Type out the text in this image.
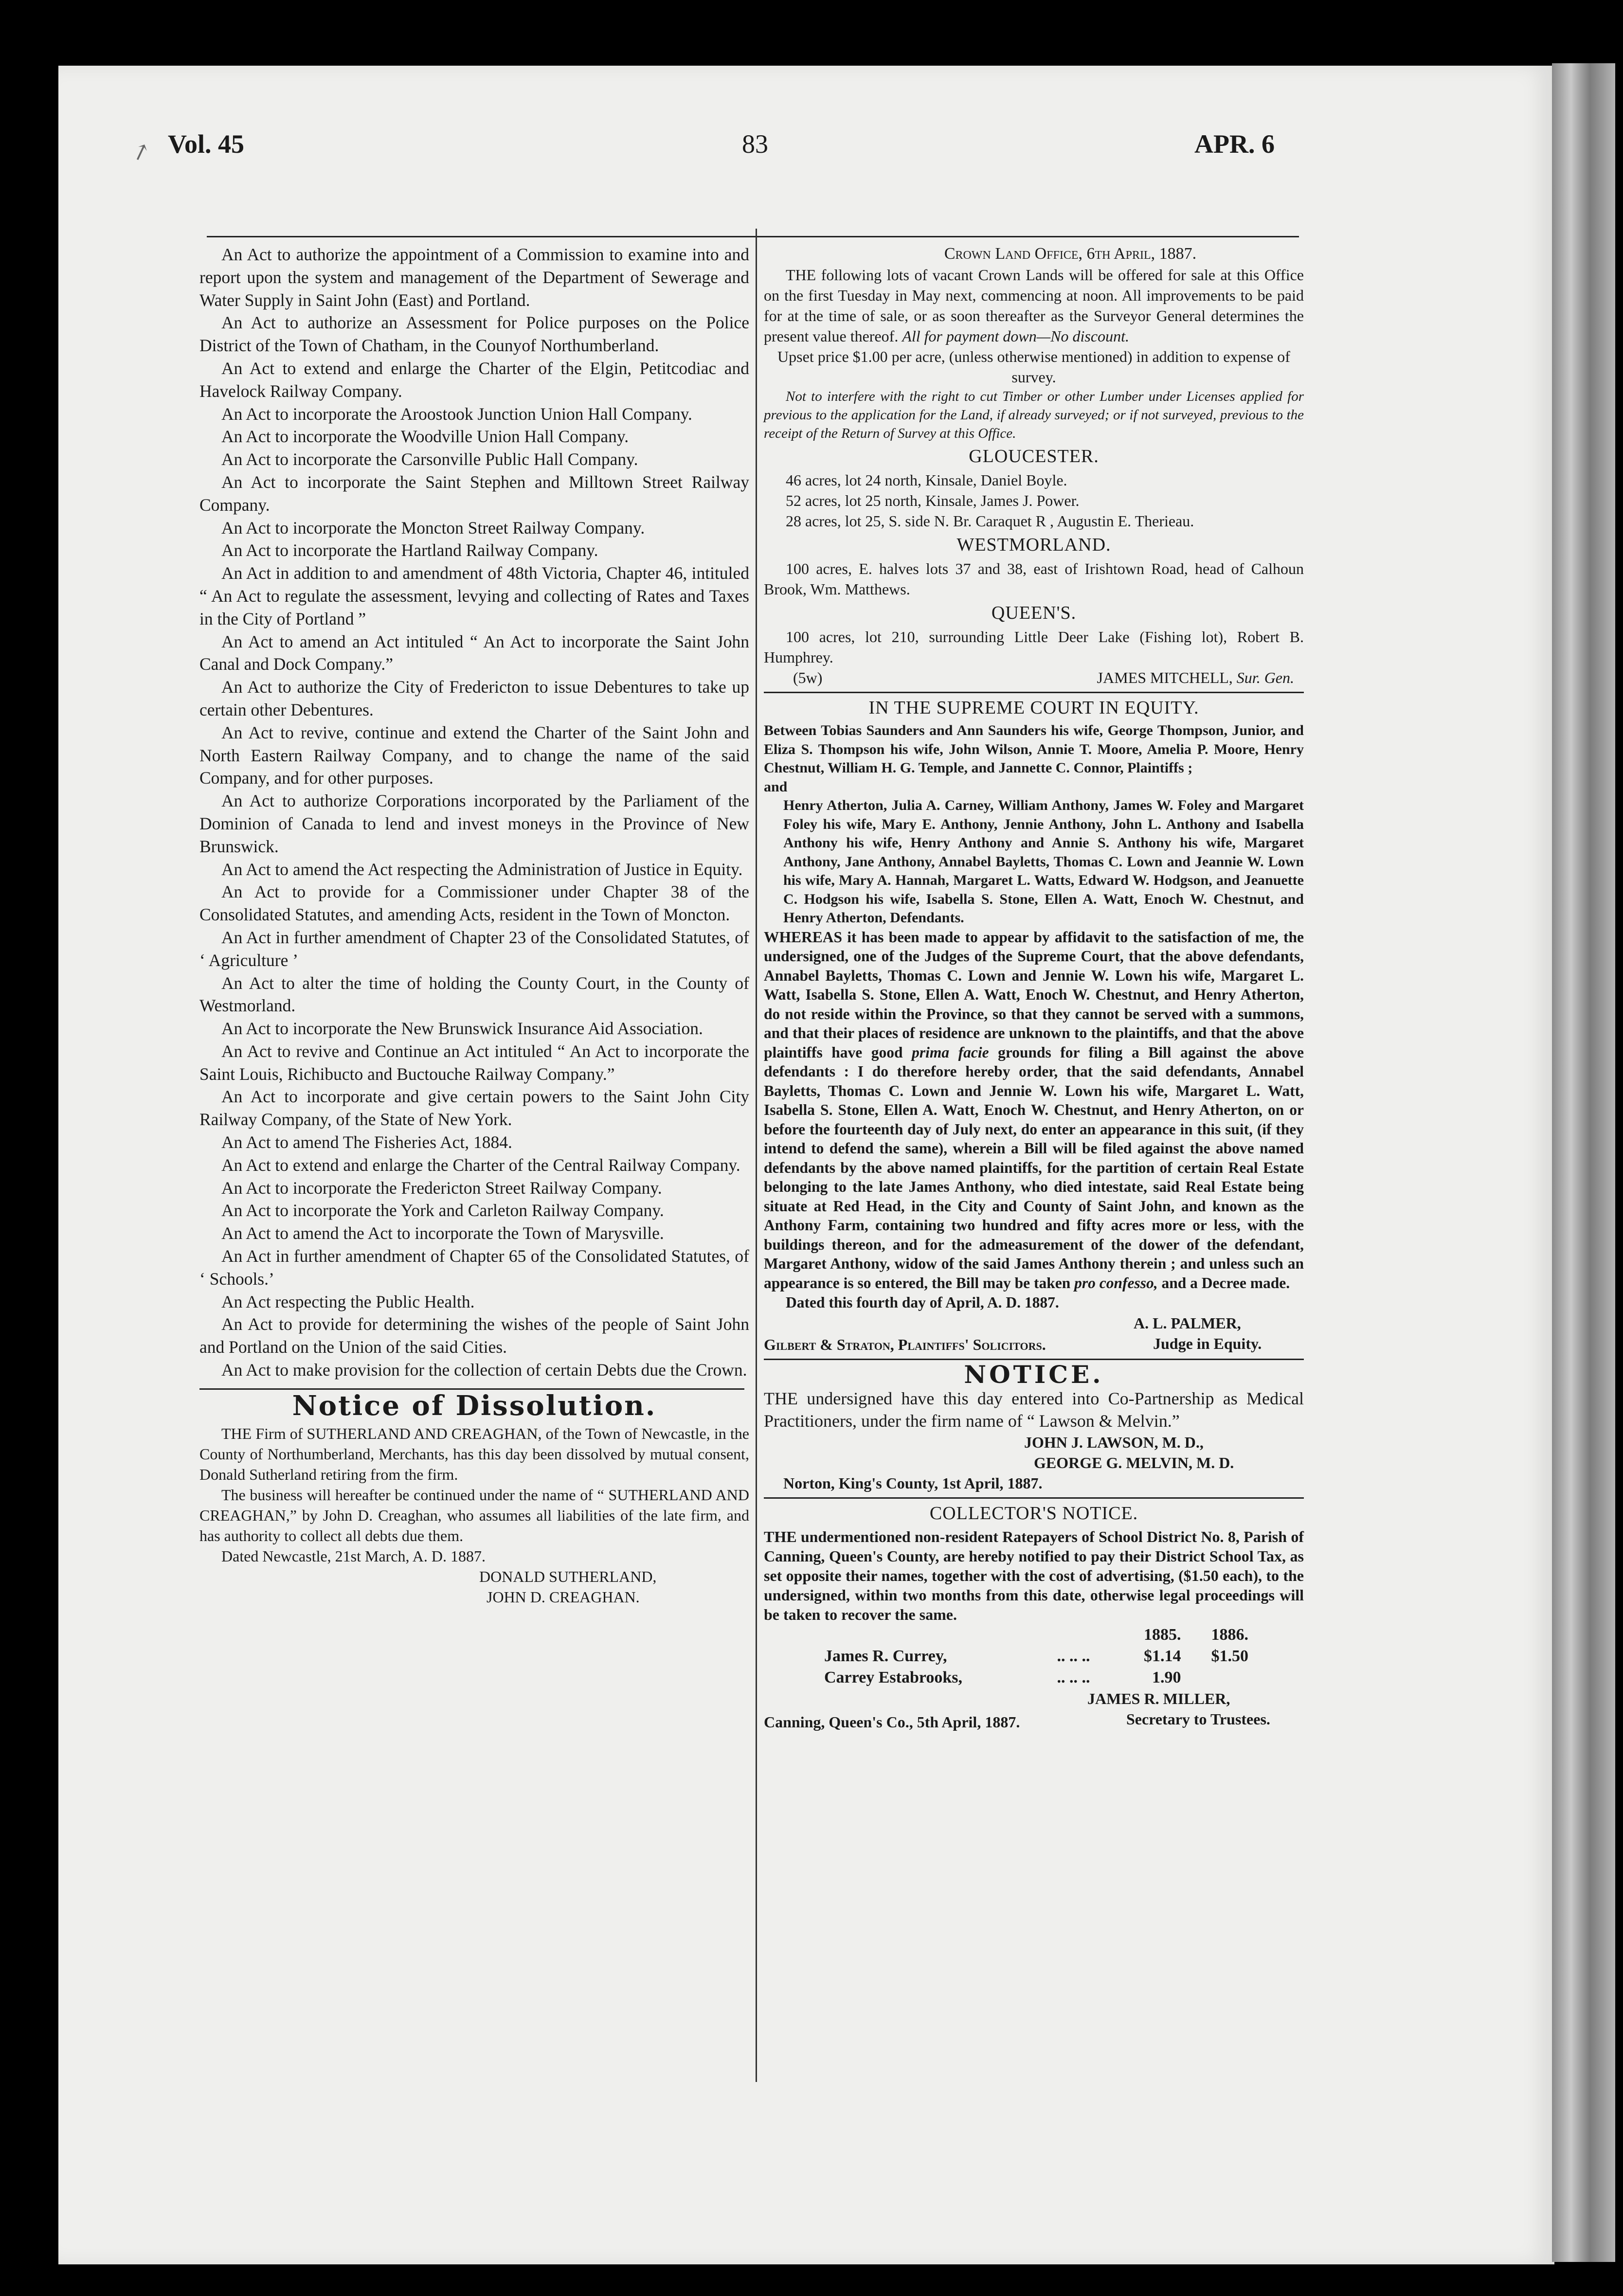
↗ Vol. 45	83	APR. 6

An Act to authorize the appointment of a Commission to examine into and report upon the system and management of the Department of Sewerage and Water Supply in Saint John (East) and Portland.

An Act to authorize an Assessment for Police purposes on the Police District of the Town of Chatham, in the Counyof Northumberland.

An Act to extend and enlarge the Charter of the Elgin, Petitcodiac and Havelock Railway Company.

An Act to incorporate the Aroostook Junction Union Hall Company.

An Act to incorporate the Woodville Union Hall Company.

An Act to incorporate the Carsonville Public Hall Company.

An Act to incorporate the Saint Stephen and Milltown Street Railway Company.

An Act to incorporate the Moncton Street Railway Company.

An Act to incorporate the Hartland Railway Company.

An Act in addition to and amendment of 48th Victoria, Chapter 46, intituled “ An Act to regulate the assessment, levying and collecting of Rates and Taxes in the City of Portland ”

An Act to amend an Act intituled “ An Act to incorporate the Saint John Canal and Dock Company.”

An Act to authorize the City of Fredericton to issue Debentures to take up certain other Debentures.

An Act to revive, continue and extend the Charter of the Saint John and North Eastern Railway Company, and to change the name of the said Company, and for other purposes.

An Act to authorize Corporations incorporated by the Parliament of the Dominion of Canada to lend and invest moneys in the Province of New Brunswick.

An Act to amend the Act respecting the Administration of Justice in Equity.

An Act to provide for a Commissioner under Chapter 38 of the Consolidated Statutes, and amending Acts, resident in the Town of Moncton.

An Act in further amendment of Chapter 23 of the Consolidated Statutes, of ‘ Agriculture ’

An Act to alter the time of holding the County Court, in the County of Westmorland.

An Act to incorporate the New Brunswick Insurance Aid Association.

An Act to revive and Continue an Act intituled “ An Act to incorporate the Saint Louis, Richibucto and Buctouche Railway Company.”

An Act to incorporate and give certain powers to the Saint John City Railway Company, of the State of New York.

An Act to amend The Fisheries Act, 1884.

An Act to extend and enlarge the Charter of the Central Railway Company.

An Act to incorporate the Fredericton Street Railway Company.

An Act to incorporate the York and Carleton Railway Company.

An Act to amend the Act to incorporate the Town of Marysville.

An Act in further amendment of Chapter 65 of the Consolidated Statutes, of ‘ Schools.’

An Act respecting the Public Health.

An Act to provide for determining the wishes of the people of Saint John and Portland on the Union of the said Cities.

An Act to make provision for the collection of certain Debts due the Crown.

Notice of Dissolution.

THE Firm of SUTHERLAND AND CREAGHAN, of the Town of Newcastle, in the County of Northumberland, Merchants, has this day been dissolved by mutual consent, Donald Sutherland retiring from the firm.

The business will hereafter be continued under the name of “ SUTHERLAND AND CREAGHAN,” by John D. Creaghan, who assumes all liabilities of the late firm, and has authority to collect all debts due them.

Dated Newcastle, 21st March, A. D. 1887.

DONALD SUTHERLAND,
JOHN D. CREAGHAN.
Crown Land Office, 6th April, 1887.

THE following lots of vacant Crown Lands will be offered for sale at this Office on the first Tuesday in May next, commencing at noon. All improvements to be paid for at the time of sale, or as soon thereafter as the Surveyor General determines the present value thereof. All for payment down—No discount.

Upset price $1.00 per acre, (unless otherwise mentioned) in addition to expense of survey.

Not to interfere with the right to cut Timber or other Lumber under Licenses applied for previous to the application for the Land, if already surveyed; or if not surveyed, previous to the receipt of the Return of Survey at this Office.

GLOUCESTER.

46 acres, lot 24 north, Kinsale, Daniel Boyle.

52 acres, lot 25 north, Kinsale, James J. Power.

28 acres, lot 25, S. side N. Br. Caraquet R , Augustin E. Therieau.

WESTMORLAND.

100 acres, E. halves lots 37 and 38, east of Irishtown Road, head of Calhoun Brook, Wm. Matthews.

QUEEN'S.

100 acres, lot 210, surrounding Little Deer Lake (Fishing lot), Robert B. Humphrey.

(5w)	JAMES MITCHELL, Sur. Gen.
IN THE SUPREME COURT IN EQUITY.

Between Tobias Saunders and Ann Saunders his wife, George Thompson, Junior, and Eliza S. Thompson his wife, John Wilson, Annie T. Moore, Amelia P. Moore, Henry Chestnut, William H. G. Temple, and Jannette C. Connor, Plaintiffs ;

and

Henry Atherton, Julia A. Carney, William Anthony, James W. Foley and Margaret Foley his wife, Mary E. Anthony, Jennie Anthony, John L. Anthony and Isabella Anthony his wife, Henry Anthony and Annie S. Anthony his wife, Margaret Anthony, Jane Anthony, Annabel Bayletts, Thomas C. Lown and Jeannie W. Lown his wife, Mary A. Hannah, Margaret L. Watts, Edward W. Hodgson, and Jeanuette C. Hodgson his wife, Isabella S. Stone, Ellen A. Watt, Enoch W. Chestnut, and Henry Atherton, Defendants.

WHEREAS it has been made to appear by affidavit to the satisfaction of me, the undersigned, one of the Judges of the Supreme Court, that the above defendants, Annabel Bayletts, Thomas C. Lown and Jennie W. Lown his wife, Margaret L. Watt, Isabella S. Stone, Ellen A. Watt, Enoch W. Chestnut, and Henry Atherton, do not reside within the Province, so that they cannot be served with a summons, and that their places of residence are unknown to the plaintiffs, and that the above plaintiffs have good prima facie grounds for filing a Bill against the above defendants : I do therefore hereby order, that the said defendants, Annabel Bayletts, Thomas C. Lown and Jennie W. Lown his wife, Margaret L. Watt, Isabella S. Stone, Ellen A. Watt, Enoch W. Chestnut, and Henry Atherton, on or before the fourteenth day of July next, do enter an appearance in this suit, (if they intend to defend the same), wherein a Bill will be filed against the above named defendants by the above named plaintiffs, for the partition of certain Real Estate belonging to the late James Anthony, who died intestate, said Real Estate being situate at Red Head, in the City and County of Saint John, and known as the Anthony Farm, containing two hundred and fifty acres more or less, with the buildings thereon, and for the admeasurement of the dower of the defendant, Margaret Anthony, widow of the said James Anthony therein ; and unless such an appearance is so entered, the Bill may be taken pro confesso, and a Decree made.

Dated this fourth day of April, A. D. 1887.

A. L. PALMER,
Judge in Equity.
Gilbert & Straton, Plaintiffs' Solicitors.
NOTICE.

THE undersigned have this day entered into Co-Partnership as Medical Practitioners, under the firm name of “ Lawson & Melvin.”

JOHN J. LAWSON, M. D.,
GEORGE G. MELVIN, M. D.
Norton, King's County, 1st April, 1887.
COLLECTOR'S NOTICE.

THE undermentioned non-resident Ratepayers of School District No. 8, Parish of Canning, Queen's County, are hereby notified to pay their District School Tax, as set opposite their names, together with the cost of advertising, ($1.50 each), to the undersigned, within two months from this date, otherwise legal proceedings will be taken to recover the same.

		1885.	1886.
James R. Currey,	.. .. ..	$1.14	$1.50
Carrey Estabrooks,	.. .. ..	1.90	
JAMES R. MILLER,
Secretary to Trustees.
Canning, Queen's Co., 5th April, 1887.
